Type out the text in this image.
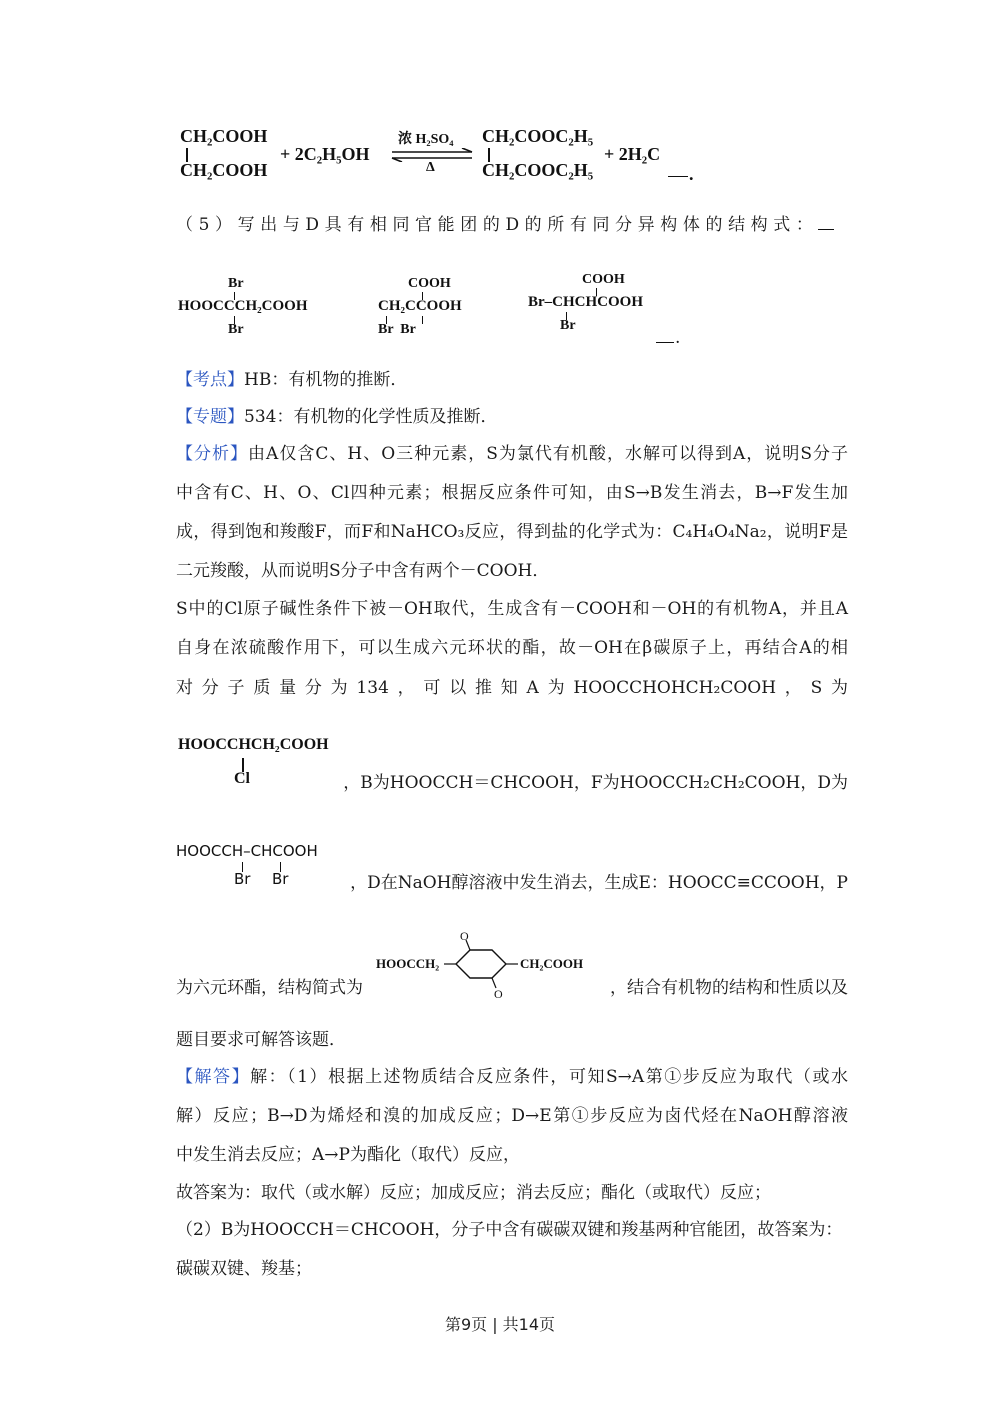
CH₂COOH
CH₂COOH
+ 2C₂H₅OH
浓 H₂SO₄
Δ
CH₂COOC₂H₅
CH₂COOC₂H₅
+ 2H₂C
.
（5）写出与D具有相同官能团的D的所有同分异构体的结构式：
Br
HOOCCCH₂COOH
Br
COOH
CH₂CCOOH
Br  Br
COOH
Br–CHCHCOOH
Br
.
【考点】HB：有机物的推断．
【专题】534：有机物的化学性质及推断．
【分析】由A仅含C、H、O三种元素，S为氯代有机酸，水解可以得到A，说明S分子
中含有C、H、O、Cl四种元素；根据反应条件可知，由S→B发生消去，B→F发生加
成，得到饱和羧酸F，而F和NaHCO₃反应，得到盐的化学式为：C₄H₄O₄Na₂，说明F是
二元羧酸，从而说明S分子中含有两个－COOH．
S中的Cl原子碱性条件下被－OH取代，生成含有－COOH和－OH的有机物A，并且A
自身在浓硫酸作用下，可以生成六元环状的酯，故－OH在β碳原子上，再结合A的相
对分子质量分为134，可以推知A为HOOCCHOHCH₂COOH，S为
HOOCCHCH₂COOH
Cl	，B为HOOCCH＝CHCOOH，F为HOOCCH₂CH₂COOH，D为
HOOCCH–CHCOOH
Br Br	，D在NaOH醇溶液中发生消去，生成E：HOOCC≡CCOOH，P
为六元环酯，结构简式为
HOOCCH₂
O
O
CH₂COOH
，结合有机物的结构和性质以及
题目要求可解答该题．
【解答】解：（1）根据上述物质结合反应条件，可知S→A第①步反应为取代（或水
解）反应；B→D为烯烃和溴的加成反应；D→E第①步反应为卤代烃在NaOH醇溶液
中发生消去反应；A→P为酯化（取代）反应，
故答案为：取代（或水解）反应；加成反应；消去反应；酯化（或取代）反应；
（2）B为HOOCCH＝CHCOOH，分子中含有碳碳双键和羧基两种官能团，故答案为：
碳碳双键、羧基；
第9页 | 共14页
